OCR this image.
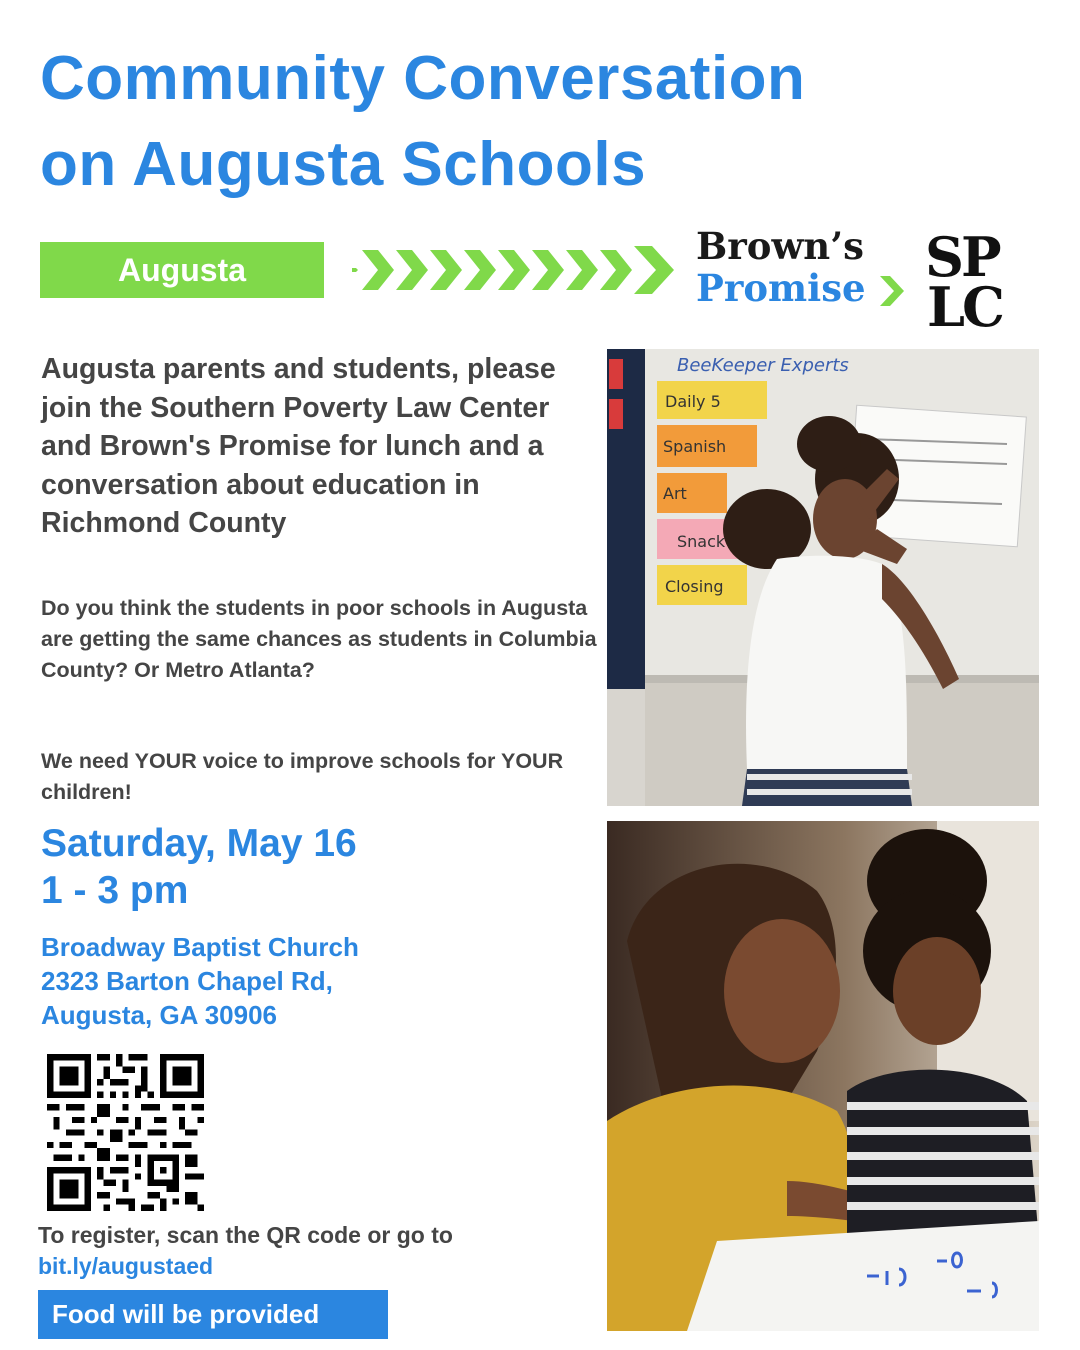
Community Conversation
on Augusta Schools
Augusta
Brown’s
Promise SP
LC
Augusta parents and students, please join the Southern Poverty Law Center and Brown's Promise for lunch and a conversation about education in Richmond County
Do you think the students in poor schools in Augusta are getting the same chances as students in Columbia County? Or Metro Atlanta?
We need YOUR voice to improve schools for YOUR children!
Saturday, May 16
1 - 3 pm
Broadway Baptist Church
2323 Barton Chapel Rd,
Augusta, GA 30906
To register, scan the QR code or go to
bit.ly/augustaed
Food will be provided
BeeKeeper Experts
Daily 5
Spanish
Art
Snack
Closing
